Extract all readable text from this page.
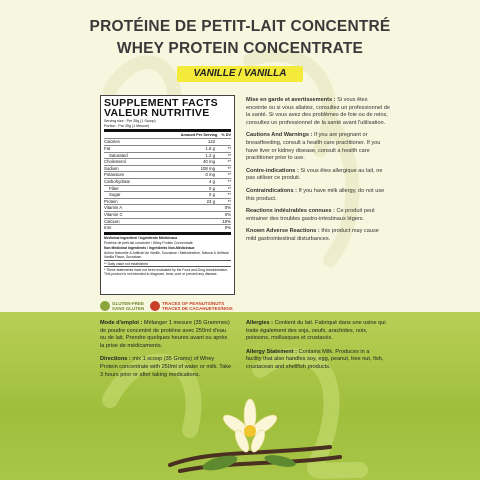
PROTÉINE DE PETIT-LAIT CONCENTRÉ
WHEY PROTEIN CONCENTRATE
VANILLE / VANILLA
SUPPLEMENT FACTS
VALEUR NUTRITIVE
Serving size : Per 35g (1 Scoop)
Portion : Par 35g (1 Mesure)
Amount Per Serving % DV
Calories	122
Fat	1.5 g	**
Saturated	1.2 g	**
Cholesterol	40 mg	**
Sodium	108 mg	**
Potassium	0 mg	**
Carbohydrate	4 g	**
Fiber	0 g	**
Sugar	0 g	**
Protein	23 g	**
Vitamin A	0%
Vitamin C	0%
Calcium	10%
Iron	0%
Medicinal Ingredient / Ingrédients Médicinaux
Protéine de petit-lait concentré / Whey Protein Concentrate.
Non Medicinal Ingredients / Ingrédients Non-Médicinaux
Arôme Naturelle & Artificiel de Vanille, Sucralose / Maltodextrine, Natural & Artificial Vanilla Flavor, Sucralose.
** Daily value not established
* These statements have not been evaluated by the Food and Drug Administration. This product is not intended to diagnose, treat, cure or prevent any disease.
GLUTEN-FREE SANS GLUTEN
TRACES OF PEANUTS/NUTS TRACES DE CACAHUETES/NOIX

Mise en garde et avertissements : Si vous êtes enceinte ou si vous allaitez, consultez un professionnel de la santé. Si vous avez des problèmes de foie ou de reins, consultez un professionnel de la santé avant l'utilisation.

Cautions And Warnings : If you are pregnant or breastfeeding, consult a health care practitioner. If you have liver or kidney disease, consult a health care practitioner prior to use.

Contre-indications : Si vous êtes allergique au lait, ne pas utiliser ce produit.

Contraindications : If you have milk allergy, do not use this product.

Reactions indésirables connues : Ce produit peut entrainer des troubles gastro-intestinaux légers.

Known Adverse Reactions : this product may cause mild gastrointestinal disturbances.

Mode d'emploi : Mélanger 1 mesure (35 Grammes) de poudre concentré de protéine avec 250ml d'eau ou de lait. Prendre quelques heures avant ou après la prise de médicaments.

Directions : mix 1 scoop (35 Grams) of Whey Protein concentrate with 250ml of water or milk. Take 3 hours prior or after taking medications.

Allergies : Contient du lait. Fabriqué dans une usine qui traite également des soja, oeufs, arachides, noix, poissons, mollusques et crustacés.

Allergy Statement : Contains Milk. Produces in a facility that also handles soy, egg, peanut, tree nut, fish, crustacean and shellfish products.
